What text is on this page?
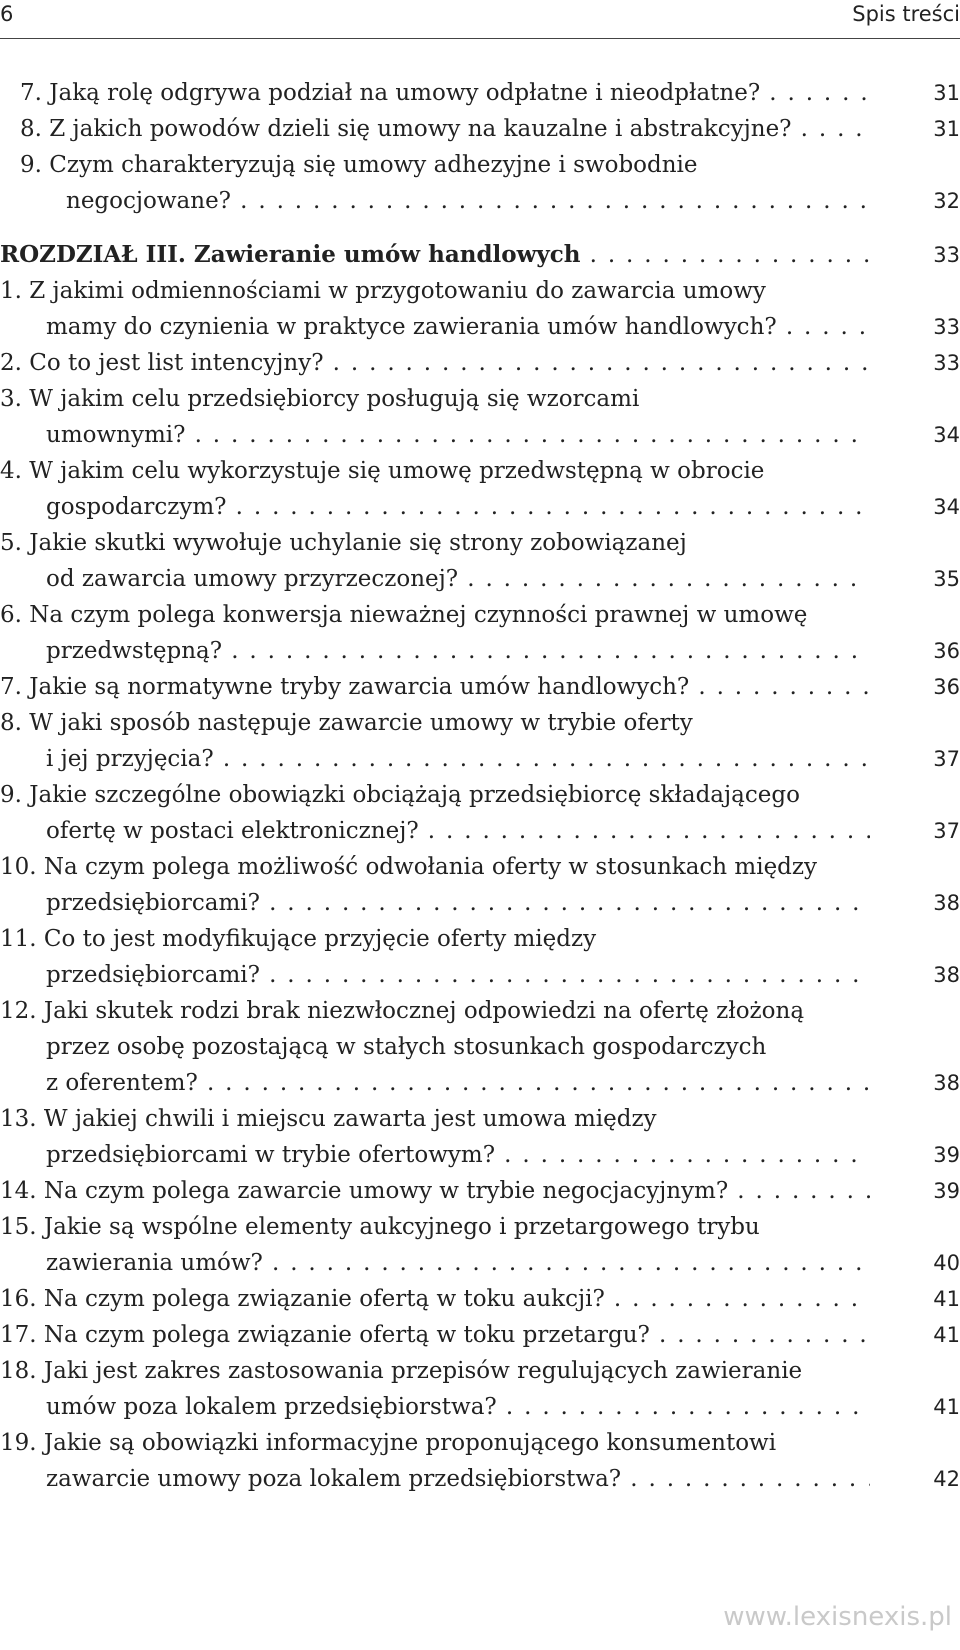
6	Spis treści
7. Jaką rolę odgrywa podział na umowy odpłatne i nieodpłatne? . . .	31
8. Z jakich powodów dzieli się umowy na kauzalne i abstrakcyjne? . . .	31
9. Czym charakteryzują się umowy adhezyjne i swobodnie
negocjowane? . . .	32
ROZDZIAŁ III. Zawieranie umów handlowych . . .	33
1. Z jakimi odmiennościami w przygotowaniu do zawarcia umowy
mamy do czynienia w praktyce zawierania umów handlowych? . . .	33
2. Co to jest list intencyjny? . . .	33
3. W jakim celu przedsiębiorcy posługują się wzorcami
umownymi? . . .	34
4. W jakim celu wykorzystuje się umowę przedwstępną w obrocie
gospodarczym? . . .	34
5. Jakie skutki wywołuje uchylanie się strony zobowiązanej
od zawarcia umowy przyrzeczonej? . . .	35
6. Na czym polega konwersja nieważnej czynności prawnej w umowę
przedwstępną? . . .	36
7. Jakie są normatywne tryby zawarcia umów handlowych? . . .	36
8. W jaki sposób następuje zawarcie umowy w trybie oferty
i jej przyjęcia? . . .	37
9. Jakie szczególne obowiązki obciążają przedsiębiorcę składającego
ofertę w postaci elektronicznej? . . .	37
10. Na czym polega możliwość odwołania oferty w stosunkach między
przedsiębiorcami? . . .	38
11. Co to jest modyfikujące przyjęcie oferty między
przedsiębiorcami? . . .	38
12. Jaki skutek rodzi brak niezwłocznej odpowiedzi na ofertę złożoną
przez osobę pozostającą w stałych stosunkach gospodarczych
z oferentem? . . .	38
13. W jakiej chwili i miejscu zawarta jest umowa między
przedsiębiorcami w trybie ofertowym? . . .	39
14. Na czym polega zawarcie umowy w trybie negocjacyjnym? . . .	39
15. Jakie są wspólne elementy aukcyjnego i przetargowego trybu
zawierania umów? . . .	40
16. Na czym polega związanie ofertą w toku aukcji? . . .	41
17. Na czym polega związanie ofertą w toku przetargu? . . .	41
18. Jaki jest zakres zastosowania przepisów regulujących zawieranie
umów poza lokalem przedsiębiorstwa? . . .	41
19. Jakie są obowiązki informacyjne proponującego konsumentowi
zawarcie umowy poza lokalem przedsiębiorstwa? . . .	42
www.lexisnexis.pl
